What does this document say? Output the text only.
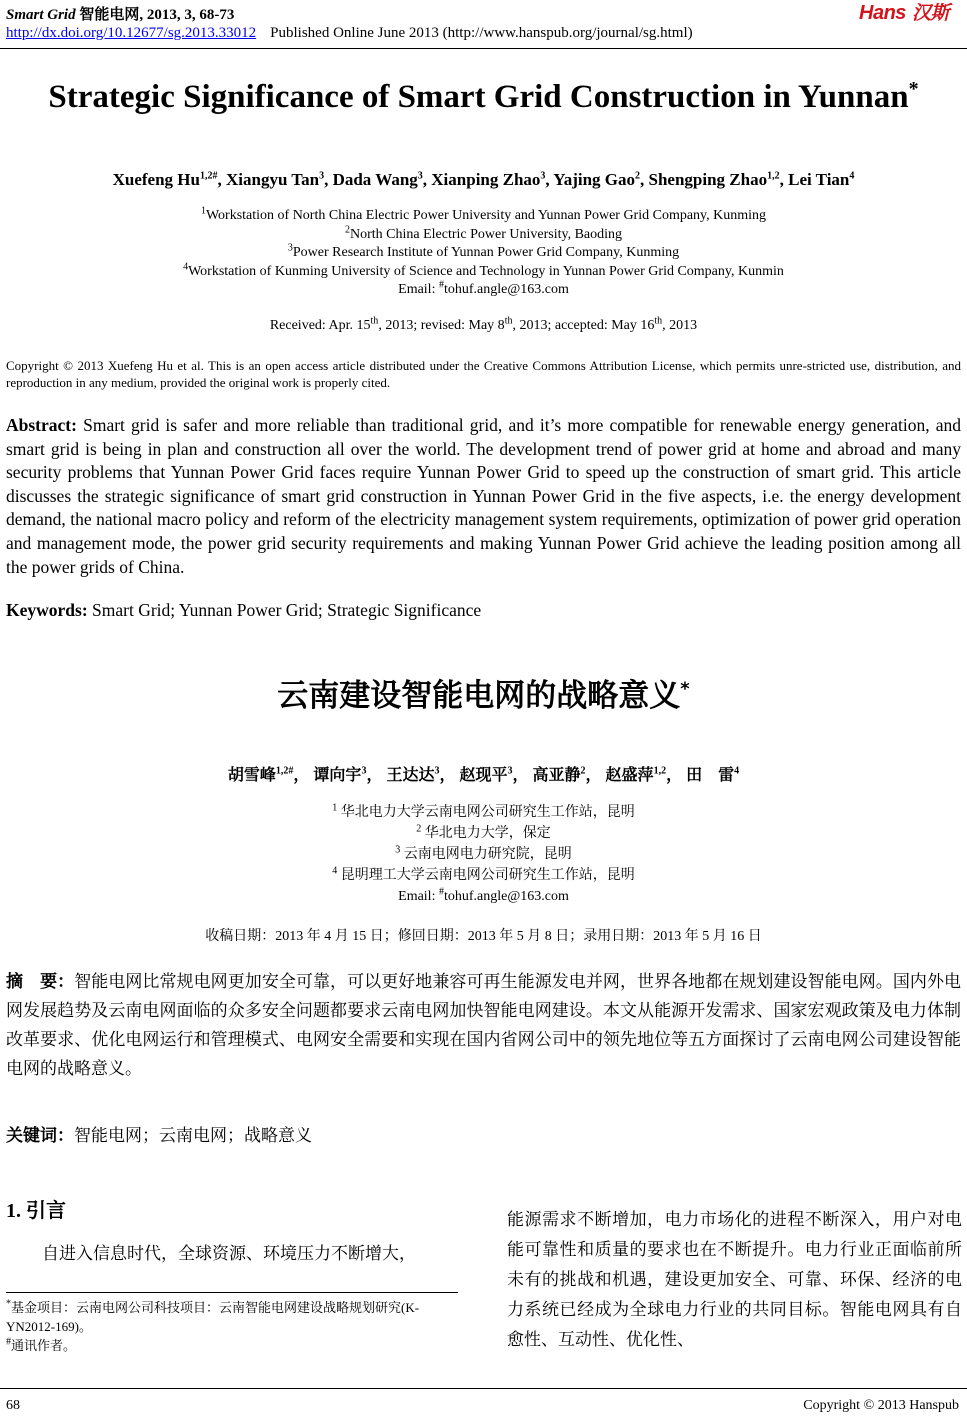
Smart Grid 智能电网, 2013, 3, 68-73
http://dx.doi.org/10.12677/sg.2013.33012 Published Online June 2013 (http://www.hanspub.org/journal/sg.html)
Hans 汉斯
Strategic Significance of Smart Grid Construction in Yunnan*
Xuefeng $Hu^{1,2\#}$, Xiangyu Tan$^3$, Dada Wang$^3$, Xianping Zhao$^3$, Yajing Gao$^2$, Shengping Zhao$^{1,2}$, Lei Tian$^4$
$^1$Workstation of North China Electric Power University and Yunnan Power Grid Company, Kunming
$^2$North China Electric Power University, Baoding
$^3$Power Research Institute of Yunnan Power Grid Company, Kunming
$^4$Workstation of Kunming University of Science and Technology in Yunnan Power Grid Company, Kunmin
Email: #tohuf.angle@163.com
Received: Apr. 15th, 2013; revised: May 8th, 2013; accepted: May 16th, 2013
Copyright © 2013 Xuefeng Hu et al. This is an open access article distributed under the Creative Commons Attribution License, which permits unre-stricted use, distribution, and reproduction in any medium, provided the original work is properly cited.
Abstract: Smart grid is safer and more reliable than traditional grid, and it’s more compatible for renewable energy generation, and smart grid is being in plan and construction all over the world. The development trend of power grid at home and abroad and many security problems that Yunnan Power Grid faces require Yunnan Power Grid to speed up the construction of smart grid. This article discusses the strategic significance of smart grid construction in Yunnan Power Grid in the five aspects, i.e. the energy development demand, the national macro policy and reform of the electricity management system requirements, optimization of power grid operation and management mode, the power grid security requirements and making Yunnan Power Grid achieve the leading position among all the power grids of China.
Keywords: Smart Grid; Yunnan Power Grid; Strategic Significance
云南建设智能电网的战略意义*
胡雪峰$^{1,2\#}$， 谭向宇$^3$， 王达达$^3$， 赵现平$^3$， 高亚静$^2$， 赵盛萍$^{1,2}$， 田　雷$^4$
$^1$ 华北电力大学云南电网公司研究生工作站，昆明
$^2$ 华北电力大学，保定
$^3$ 云南电网电力研究院，昆明
$^4$ 昆明理工大学云南电网公司研究生工作站，昆明
Email: #tohuf.angle@163.com
收稿日期：2013 年 4 月 15 日；修回日期：2013 年 5 月 8 日；录用日期：2013 年 5 月 16 日
摘　要：智能电网比常规电网更加安全可靠，可以更好地兼容可再生能源发电并网，世界各地都在规划建设智能电网。国内外电网发展趋势及云南电网面临的众多安全问题都要求云南电网加快智能电网建设。本文从能源开发需求、国家宏观政策及电力体制改革要求、优化电网运行和管理模式、电网安全需要和实现在国内省网公司中的领先地位等五方面探讨了云南电网公司建设智能电网的战略意义。
关键词：智能电网；云南电网；战略意义
1. 引言
自进入信息时代，全球资源、环境压力不断增大，
*基金项目：云南电网公司科技项目：云南智能电网建设战略规划研究(K-YN2012-169)。
#通讯作者。
能源需求不断增加，电力市场化的进程不断深入，用户对电能可靠性和质量的要求也在不断提升。电力行业正面临前所未有的挑战和机遇，建设更加安全、可靠、环保、经济的电力系统已经成为全球电力行业的共同目标。智能电网具有自愈性、互动性、优化性、
68	Copyright © 2013 Hanspub
